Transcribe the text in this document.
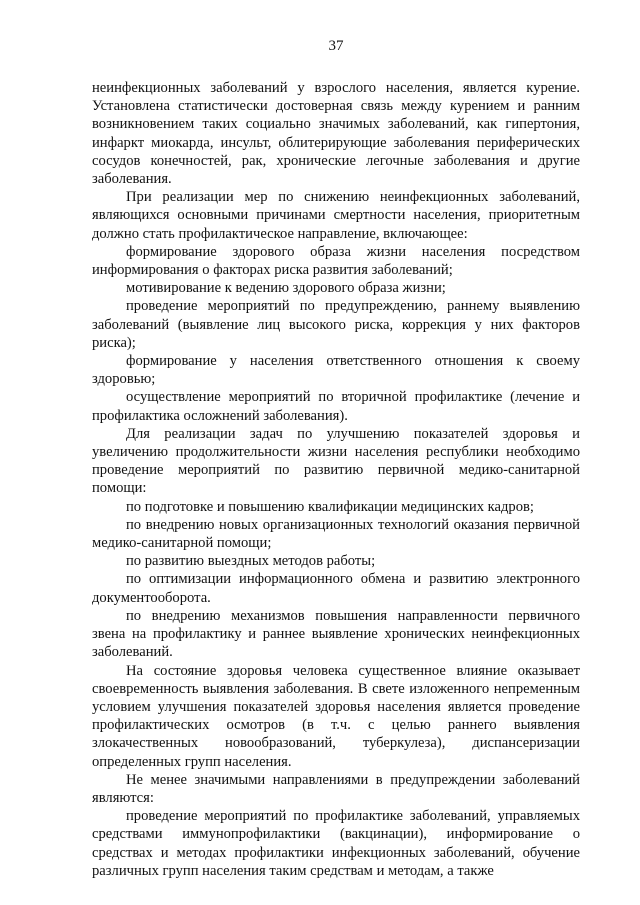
37

неинфекционных заболеваний у взрослого населения, является курение. Установлена статистически достоверная связь между курением и ранним возникновением таких социально значимых заболеваний, как гипертония, инфаркт миокарда, инсульт, облитерирующие заболевания периферических сосудов конечностей, рак, хронические легочные заболевания и другие заболевания.

При реализации мер по снижению неинфекционных заболеваний, являющихся основными причинами смертности населения, приоритетным должно стать профилактическое направление, включающее:

формирование здорового образа жизни населения посредством информирования о факторах риска развития заболеваний;

мотивирование к ведению здорового образа жизни;

проведение мероприятий по предупреждению, раннему выявлению заболеваний (выявление лиц высокого риска, коррекция у них факторов риска);

формирование у населения ответственного отношения к своему здоровью;

осуществление мероприятий по вторичной профилактике (лечение и профилактика осложнений заболевания).

Для реализации задач по улучшению показателей здоровья и увеличению продолжительности жизни населения республики необходимо проведение мероприятий по развитию первичной медико-санитарной помощи:

по подготовке и повышению квалификации медицинских кадров;

по внедрению новых организационных технологий оказания первичной медико-санитарной помощи;

по развитию выездных методов работы;

по оптимизации информационного обмена и развитию электронного документооборота.

по внедрению механизмов повышения направленности первичного звена на профилактику и раннее выявление хронических неинфекционных заболеваний.

На состояние здоровья человека существенное влияние оказывает своевременность выявления заболевания. В свете изложенного непременным условием улучшения показателей здоровья населения является проведение профилактических осмотров (в т.ч. с целью раннего выявления злокачественных новообразований, туберкулеза), диспансеризации определенных групп населения.

Не менее значимыми направлениями в предупреждении заболеваний являются:

проведение мероприятий по профилактике заболеваний, управляемых средствами иммунопрофилактики (вакцинации), информирование о средствах и методах профилактики инфекционных заболеваний, обучение различных групп населения таким средствам и методам, а также
